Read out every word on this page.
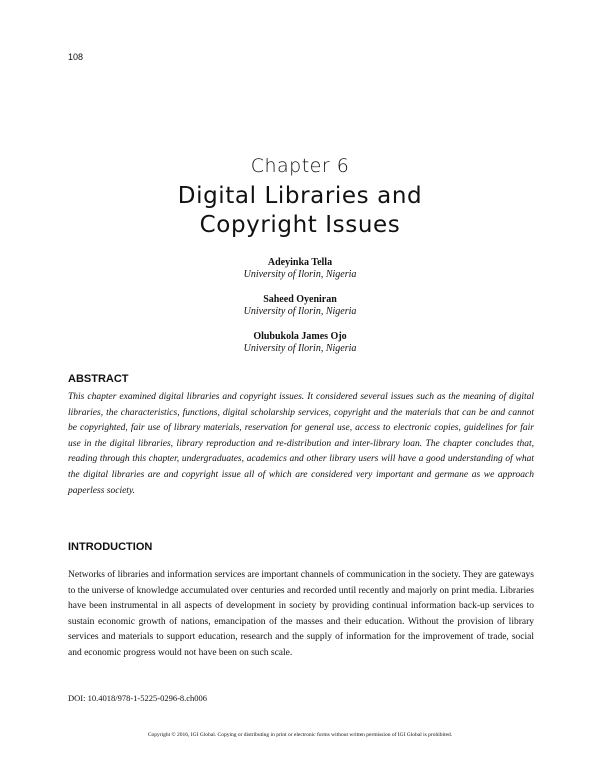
108
Chapter 6
Digital Libraries and
Copyright Issues
Adeyinka Tella
University of Ilorin, Nigeria
Saheed Oyeniran
University of Ilorin, Nigeria
Olubukola James Ojo
University of Ilorin, Nigeria
ABSTRACT
This chapter examined digital libraries and copyright issues. It considered several issues such as the meaning of digital libraries, the characteristics, functions, digital scholarship services, copyright and the materials that can be and cannot be copyrighted, fair use of library materials, reservation for general use, access to electronic copies, guidelines for fair use in the digital libraries, library reproduction and re-distribution and inter-library loan. The chapter concludes that, reading through this chapter, undergraduates, academics and other library users will have a good understanding of what the digital libraries are and copyright issue all of which are considered very important and germane as we approach paperless society.
INTRODUCTION
Networks of libraries and information services are important channels of communication in the society. They are gateways to the universe of knowledge accumulated over centuries and recorded until recently and majorly on print media. Libraries have been instrumental in all aspects of development in society by providing continual information back-up services to sustain economic growth of nations, emancipation of the masses and their education. Without the provision of library services and materials to support education, research and the supply of information for the improvement of trade, social and economic progress would not have been on such scale.
DOI: 10.4018/978-1-5225-0296-8.ch006
Copyright © 2016, IGI Global. Copying or distributing in print or electronic forms without written permission of IGI Global is prohibited.
